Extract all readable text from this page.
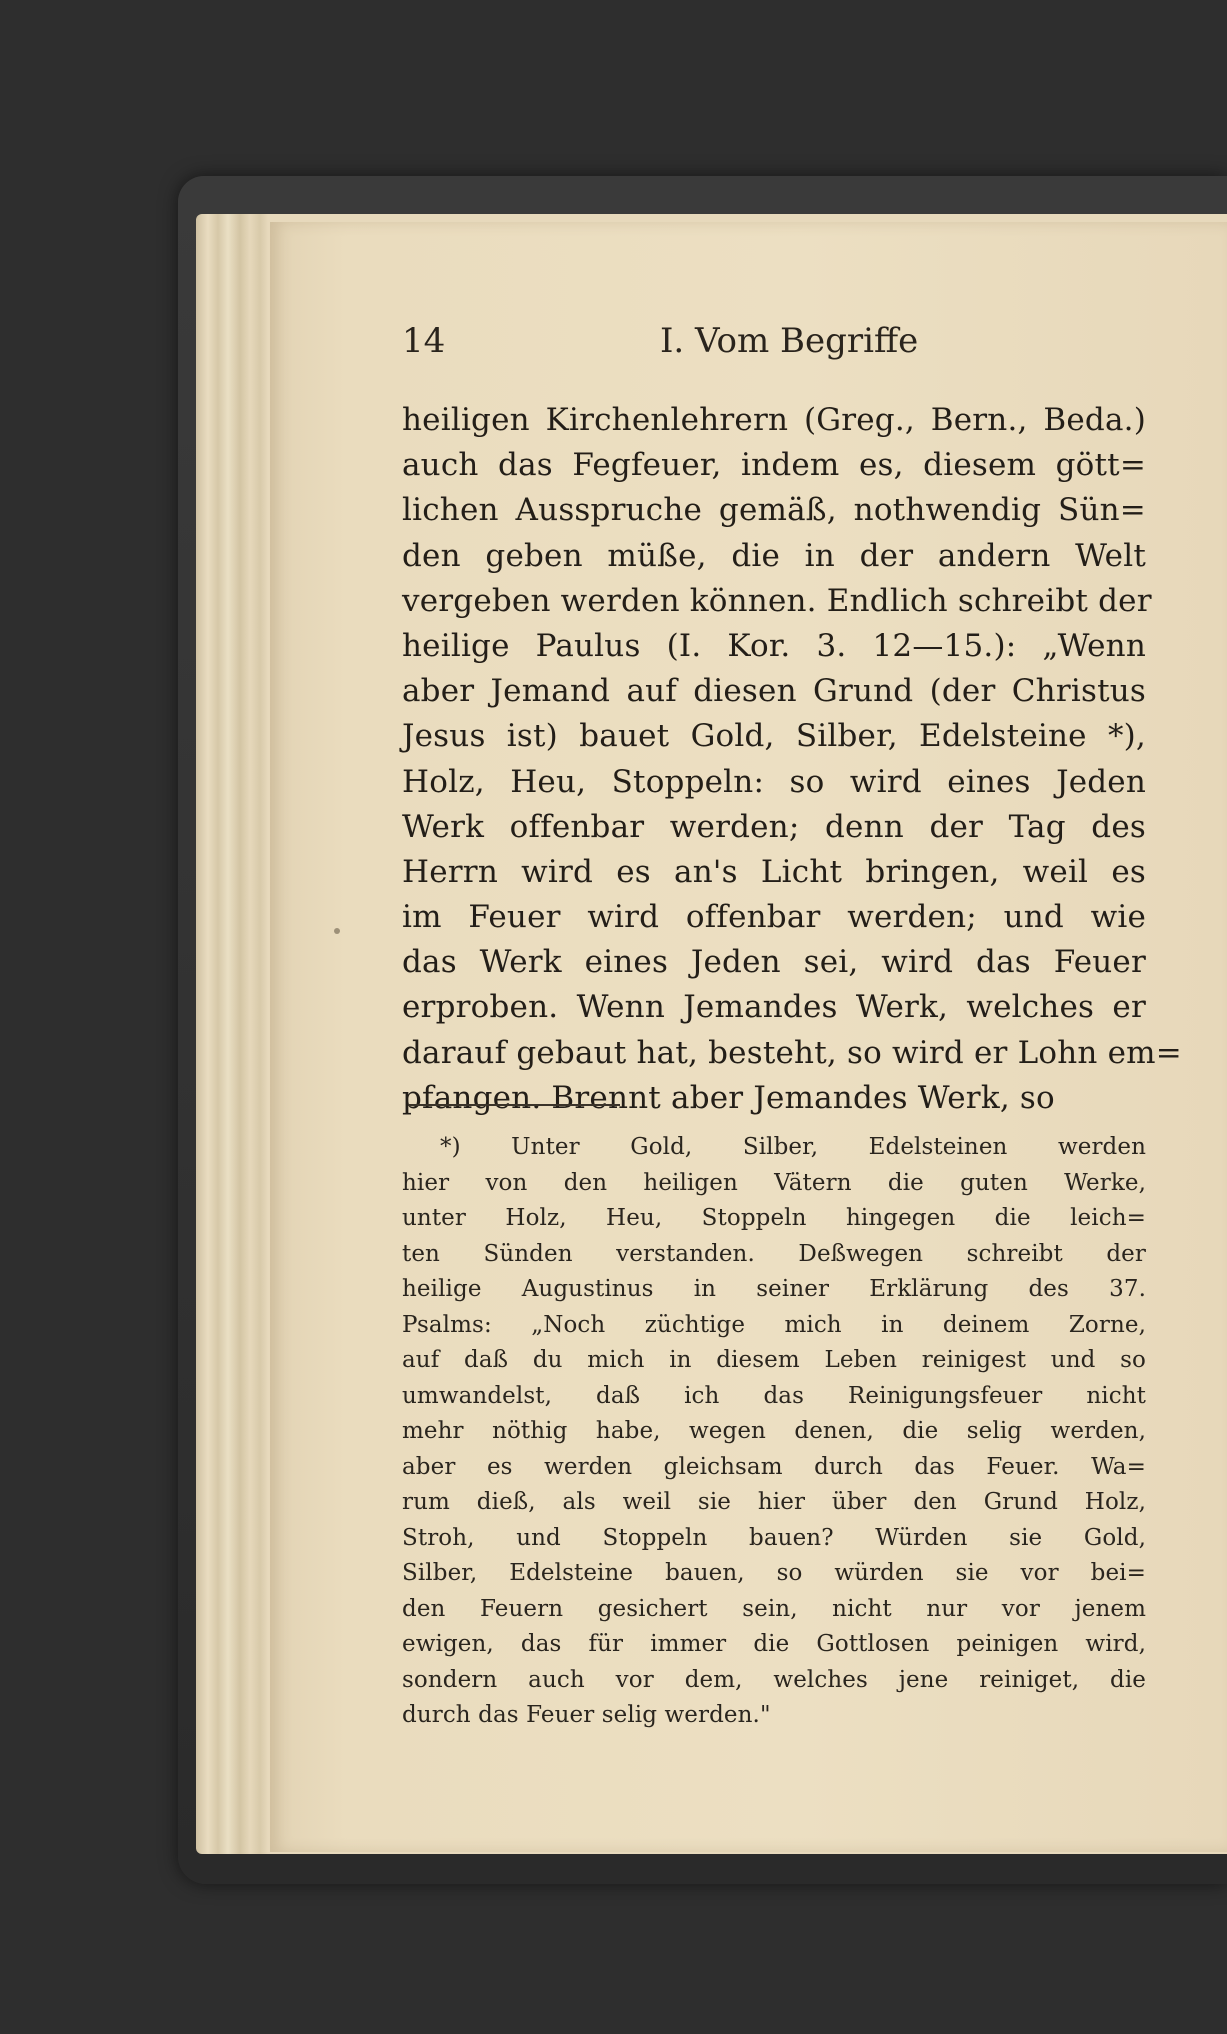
14	I. Vom Begriffe
heiligen Kirchenlehrern (Greg., Bern., Beda.)
auch das Fegfeuer, indem es, diesem gött=
lichen Ausspruche gemäß, nothwendig Sün=
den geben müße, die in der andern Welt
vergeben werden können. Endlich schreibt der
heilige Paulus (I. Kor. 3. 12—15.): „Wenn
aber Jemand auf diesen Grund (der Christus
Jesus ist) bauet Gold, Silber, Edelsteine *),
Holz, Heu, Stoppeln: so wird eines Jeden
Werk offenbar werden; denn der Tag des
Herrn wird es an's Licht bringen, weil es
im Feuer wird offenbar werden; und wie
das Werk eines Jeden sei, wird das Feuer
erproben. Wenn Jemandes Werk, welches er
darauf gebaut hat, besteht, so wird er Lohn em=
pfangen. Brennt aber Jemandes Werk, so
*) Unter Gold, Silber, Edelsteinen werden
hier von den heiligen Vätern die guten Werke,
unter Holz, Heu, Stoppeln hingegen die leich=
ten Sünden verstanden. Deßwegen schreibt der
heilige Augustinus in seiner Erklärung des 37.
Psalms: „Noch züchtige mich in deinem Zorne,
auf daß du mich in diesem Leben reinigest und so
umwandelst, daß ich das Reinigungsfeuer nicht
mehr nöthig habe, wegen denen, die selig werden,
aber es werden gleichsam durch das Feuer. Wa=
rum dieß, als weil sie hier über den Grund Holz,
Stroh, und Stoppeln bauen? Würden sie Gold,
Silber, Edelsteine bauen, so würden sie vor bei=
den Feuern gesichert sein, nicht nur vor jenem
ewigen, das für immer die Gottlosen peinigen wird,
sondern auch vor dem, welches jene reiniget, die
durch das Feuer selig werden."
